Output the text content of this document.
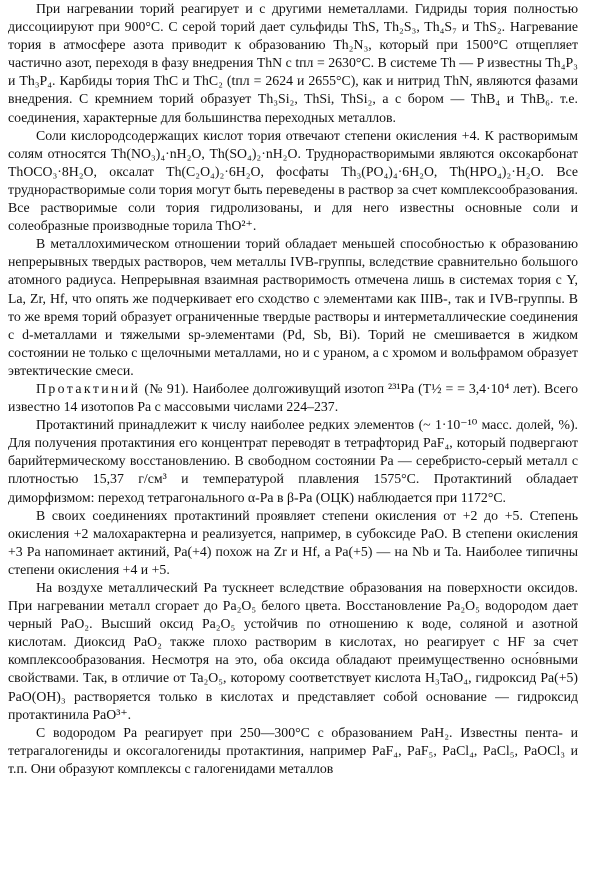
При нагревании торий реагирует и с другими неметаллами. Гидриды тория полностью диссоциируют при 900°C. С серой торий дает сульфиды ThS, Th₂S₃, Th₄S₇ и ThS₂. Нагревание тория в атмосфере азота приводит к образованию Th₂N₃, который при 1500°C отщепляет частично азот, переходя в фазу внедрения ThN с tпл = 2630°C. В системе Th — P известны Th₄P₃ и Th₃P₄. Карбиды тория ThC и ThC₂ (tпл = 2624 и 2655°C), как и нитрид ThN, являются фазами внедрения. С кремнием торий образует Th₃Si₂, ThSi, ThSi₂, а с бором — ThB₄ и ThB₆. т.е. соединения, характерные для большинства переходных металлов.

Соли кислородсодержащих кислот тория отвечают степени окисления +4. К растворимым солям относятся Th(NO₃)₄·nH₂O, Th(SO₄)₂·nH₂O. Трудноpастворимыми являются оксокарбонат ThOCO₃·8H₂O, оксалат Th(C₂O₄)₂·6H₂O, фосфаты Th₃(PO₄)₄·6H₂O, Th(HPO₄)₂·H₂O. Все труднорастворимые соли тория могут быть переведены в раствор за счет комплексообразования. Все растворимые соли тория гидролизованы, и для него известны основные соли и солеобразные производные торила ThO²⁺.

В металлохимическом отношении торий обладает меньшей способностью к образованию непрерывных твердых растворов, чем металлы IVB-группы, вследствие сравнительно большого атомного радиуса. Непрерывная взаимная растворимость отмечена лишь в системах тория с Y, La, Zr, Hf, что опять же подчеркивает его сходство с элементами как IIIB-, так и IVB-группы. В то же время торий образует ограниченные твердые растворы и интерметаллические соединения с d-металлами и тяжелыми sp-элементами (Pd, Sb, Bi). Торий не смешивается в жидком состоянии не только с щелочными металлами, но и с ураном, а с хромом и вольфрамом образует эвтектические смеси.

Протактиний (№ 91). Наиболее долгоживущий изотоп ²³¹Pa (T½ = = 3,4·10⁴ лет). Всего известно 14 изотопов Pa с массовыми числами 224–237.

Протактиний принадлежит к числу наиболее редких элементов (~ 1·10⁻¹⁰ масс. долей, %). Для получения протактиния его концентрат переводят в тетрафторид PaF₄, который подвергают барийтермическому восстановлению. В свободном состоянии Pa — серебристо-серый металл с плотностью 15,37 г/см³ и температурой плавления 1575°C. Протактиний обладает диморфизмом: переход тетрагонального α-Pa в β-Pa (ОЦК) наблюдается при 1172°C.

В своих соединениях протактиний проявляет степени окисления от +2 до +5. Степень окисления +2 малохарактерна и реализуется, например, в субоксиде PaO. В степени окисления +3 Pa напоминает актиний, Pa(+4) похож на Zr и Hf, а Pa(+5) — на Nb и Ta. Наиболее типичны степени окисления +4 и +5.

На воздухе металлический Pa тускнеет вследствие образования на поверхности оксидов. При нагревании металл сгорает до Pa₂O₅ белого цвета. Восстановление Pa₂O₅ водородом дает черный PaO₂. Высший оксид Pa₂O₅ устойчив по отношению к воде, соляной и азотной кислотам. Диоксид PaO₂ также плохо растворим в кислотах, но реагирует с HF за счет комплексообразования. Несмотря на это, оба оксида обладают преимущественно осно́вными свойствами. Так, в отличие от Ta₂O₅, которому соответствует кислота H₃TaO₄, гидроксид Pa(+5) PaO(OH)₃ растворяется только в кислотах и представляет собой основание — гидроксид протактинила PaO³⁺.

С водородом Pa реагирует при 250—300°C с образованием PaH₂. Известны пента- и тетрагалогениды и оксогалогениды протактиния, например PaF₄, PaF₅, PaCl₄, PaCl₅, PaOCl₃ и т.п. Они образуют комплексы с галогенидами металлов
